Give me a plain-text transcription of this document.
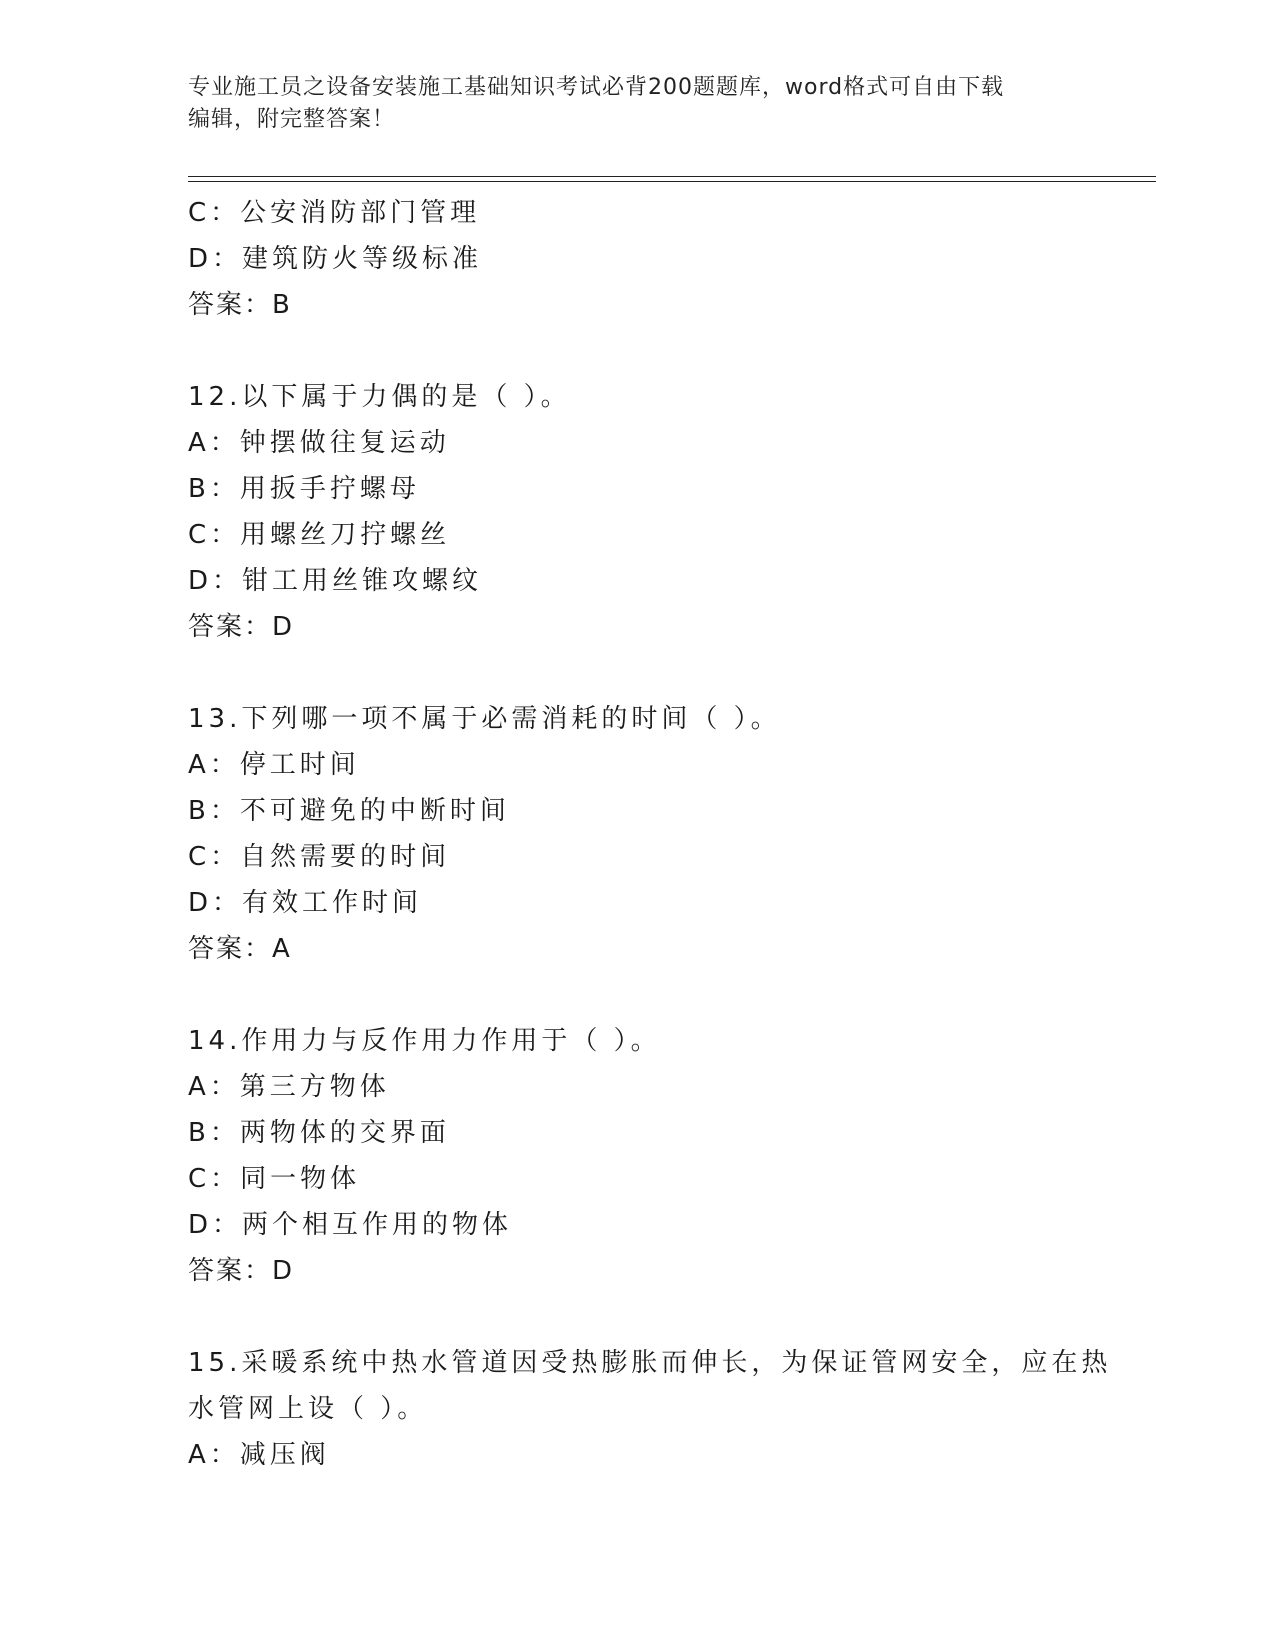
专业施工员之设备安装施工基础知识考试必背200题题库，word格式可自由下载
编辑，附完整答案！
C：公安消防部门管理
D：建筑防火等级标准
答案：B
12.以下属于力偶的是（ ）。
A：钟摆做往复运动
B：用扳手拧螺母
C：用螺丝刀拧螺丝
D：钳工用丝锥攻螺纹
答案：D
13.下列哪一项不属于必需消耗的时间（ ）。
A：停工时间
B：不可避免的中断时间
C：自然需要的时间
D：有效工作时间
答案：A
14.作用力与反作用力作用于（ ）。
A：第三方物体
B：两物体的交界面
C：同一物体
D：两个相互作用的物体
答案：D
15.采暖系统中热水管道因受热膨胀而伸长，为保证管网安全，应在热
水管网上设（ ）。
A：减压阀
